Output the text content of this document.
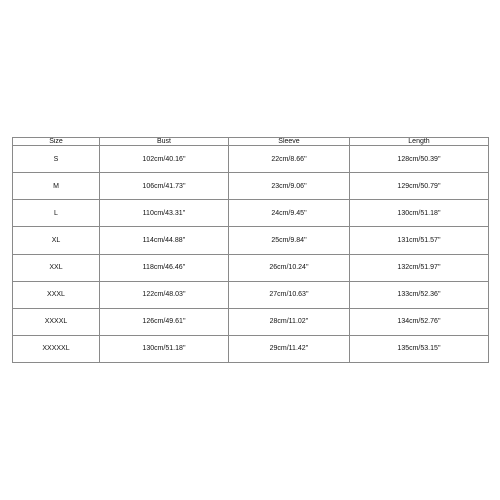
Size	Bust	Sleeve	Length
S	102cm/40.16''	22cm/8.66''	128cm/50.39''
M	106cm/41.73''	23cm/9.06''	129cm/50.79''
L	110cm/43.31''	24cm/9.45''	130cm/51.18''
XL	114cm/44.88''	25cm/9.84''	131cm/51.57''
XXL	118cm/46.46''	26cm/10.24''	132cm/51.97''
XXXL	122cm/48.03''	27cm/10.63''	133cm/52.36''
XXXXL	126cm/49.61''	28cm/11.02''	134cm/52.76''
XXXXXL	130cm/51.18''	29cm/11.42''	135cm/53.15''
